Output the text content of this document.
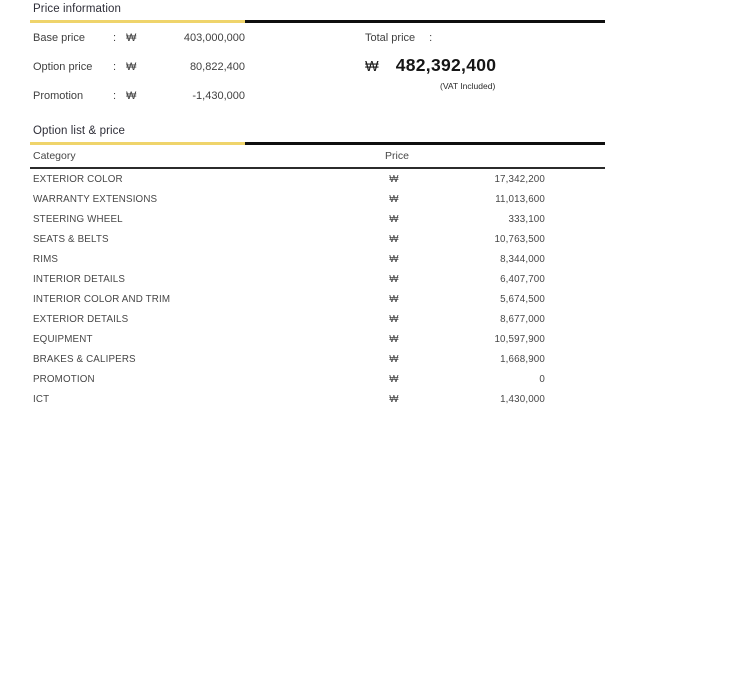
Price information
Base price	: ₩	403,000,000
Option price	: ₩	80,822,400
Promotion	: ₩	-1,430,000
Total price :
₩ 482,392,400
(VAT Included)
Option list & price
Category	Price
EXTERIOR COLOR	₩	17,342,200
WARRANTY EXTENSIONS	₩	11,013,600
STEERING WHEEL	₩	333,100
SEATS & BELTS	₩	10,763,500
RIMS	₩	8,344,000
INTERIOR DETAILS	₩	6,407,700
INTERIOR COLOR AND TRIM	₩	5,674,500
EXTERIOR DETAILS	₩	8,677,000
EQUIPMENT	₩	10,597,900
BRAKES & CALIPERS	₩	1,668,900
PROMOTION	₩	0
ICT	₩	1,430,000
